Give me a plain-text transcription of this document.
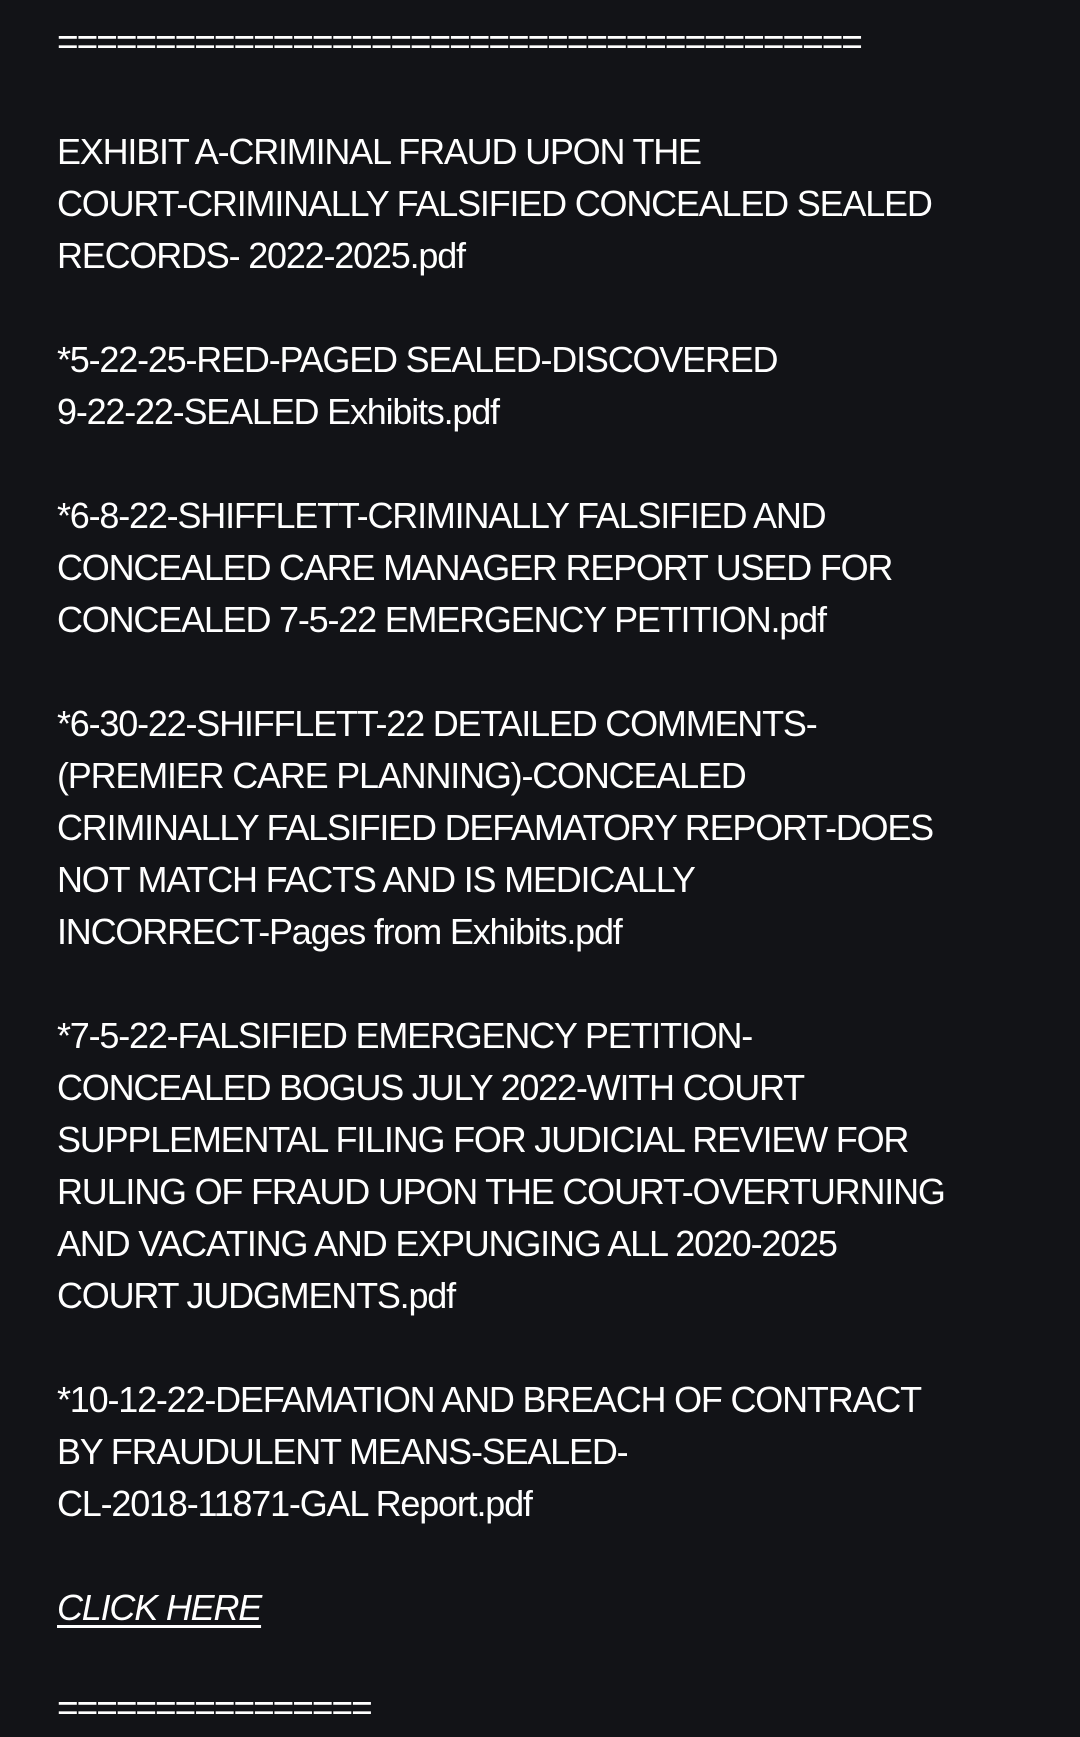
=========================================

EXHIBIT A-CRIMINAL FRAUD UPON THE
COURT-CRIMINALLY FALSIFIED CONCEALED SEALED
RECORDS- 2022-2025.pdf

*5-22-25-RED-PAGED SEALED-DISCOVERED
9-22-22-SEALED Exhibits.pdf

*6-8-22-SHIFFLETT-CRIMINALLY FALSIFIED AND
CONCEALED CARE MANAGER REPORT USED FOR
CONCEALED 7-5-22 EMERGENCY PETITION.pdf

*6-30-22-SHIFFLETT-22 DETAILED COMMENTS-
(PREMIER CARE PLANNING)-CONCEALED
CRIMINALLY FALSIFIED DEFAMATORY REPORT-DOES
NOT MATCH FACTS AND IS MEDICALLY
INCORRECT-Pages from Exhibits.pdf

*7-5-22-FALSIFIED EMERGENCY PETITION-
CONCEALED BOGUS JULY 2022-WITH COURT
SUPPLEMENTAL FILING FOR JUDICIAL REVIEW FOR
RULING OF FRAUD UPON THE COURT-OVERTURNING
AND VACATING AND EXPUNGING ALL 2020-2025
COURT JUDGMENTS.pdf

*10-12-22-DEFAMATION AND BREACH OF CONTRACT
BY FRAUDULENT MEANS-SEALED-
CL-2018-11871-GAL Report.pdf

CLICK HERE
================
